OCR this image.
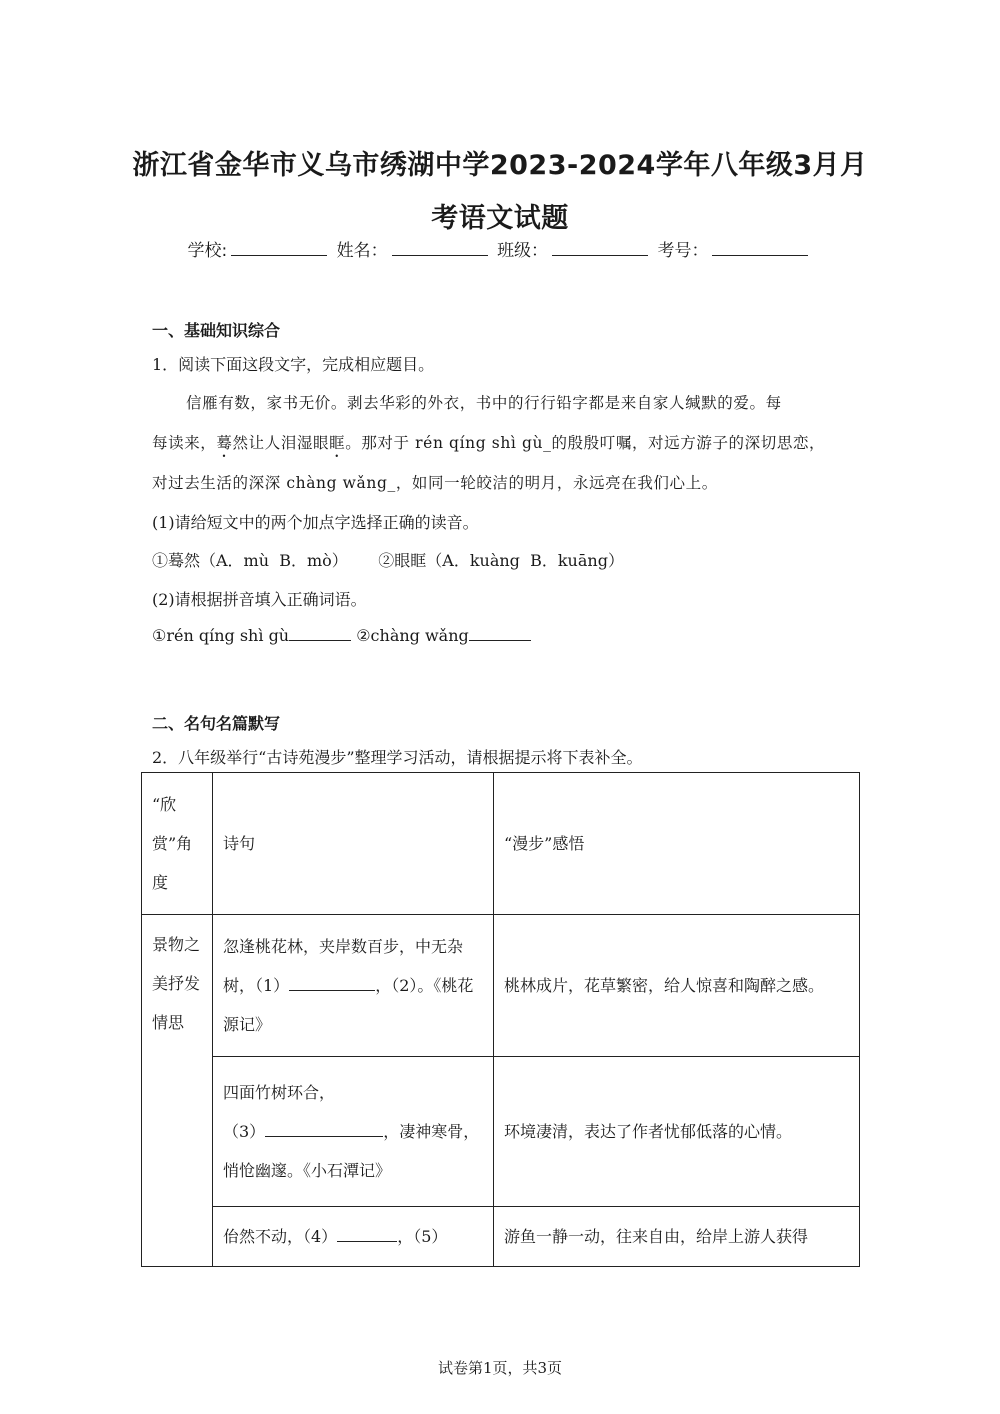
浙江省金华市义乌市绣湖中学2023-2024学年八年级3月月
考语文试题
学校:	姓名：	班级：	考号：
一、基础知识综合
1．阅读下面这段文字，完成相应题目。
信雁有数，家书无价。剥去华彩的外衣，书中的行行铅字都是来自家人缄默的爱。每
每读来，蓦然让人泪湿眼眶。那对于 rén qíng shì gù_的殷殷叮嘱，对远方游子的深切思恋，
对过去生活的深深 chàng wǎng_，如同一轮皎洁的明月，永远亮在我们心上。
(1)请给短文中的两个加点字选择正确的读音。
①蓦然（A．mù  B．mò）      ②眼眶（A．kuàng  B．kuāng）
(2)请根据拼音填入正确词语。
①rén qíng shì gù	②chàng wǎng
二、名句名篇默写
2．八年级举行“古诗苑漫步”整理学习活动，请根据提示将下表补全。
“欣赏”角度	诗句	“漫步”感悟
景物之美抒发情思	忽逢桃花林，夹岸数百步，中无杂树，（1） ，（2）。《桃花源记》	桃林成片，花草繁密，给人惊喜和陶醉之感。
	四面竹树环合，
（3） ，凄神寒骨，悄怆幽邃。《小石潭记》	环境凄清，表达了作者忧郁低落的心情。
	佁然不动，（4） ，（5）	游鱼一静一动，往来自由，给岸上游人获得
试卷第1页，共3页
